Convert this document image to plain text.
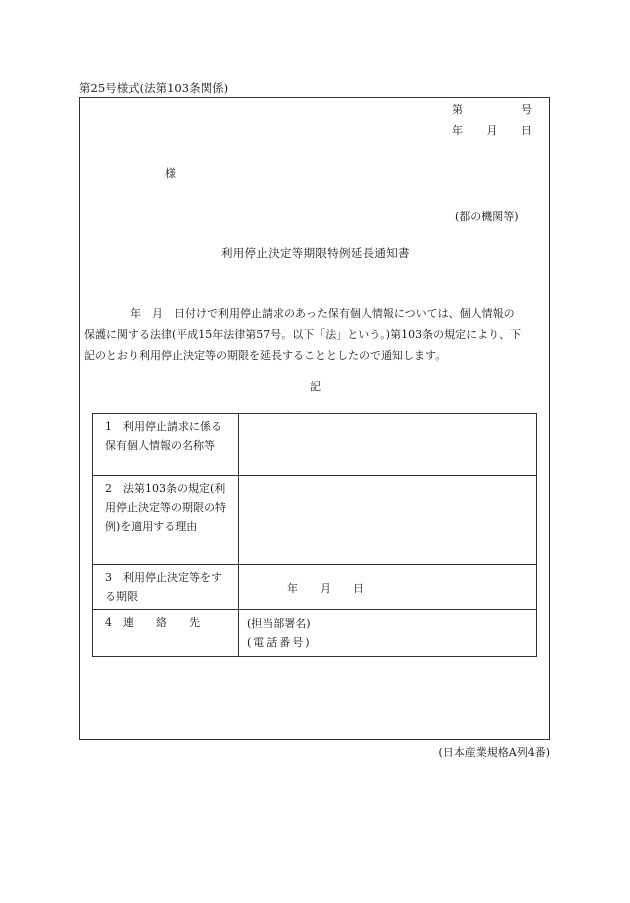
第25号様式(法第103条関係)
第	号
年 月 日
様
(都の機関等)
利用停止決定等期限特例延長通知書
年　月　日付けで利用停止請求のあった保有個人情報については、個人情報の
保護に関する法律(平成15年法律第57号。以下「法」という。)第103条の規定により、下
記のとおり利用停止決定等の期限を延長することとしたので通知します。
記
1　利用停止請求に係る保有個人情報の名称等	
2　法第103条の規定(利用停止決定等の期限の特例)を適用する理由	
3　利用停止決定等をする期限	年　　月　　日
4　連　　絡　　先	(担当部署名)
(電話番号)
(日本産業規格A列4番)
